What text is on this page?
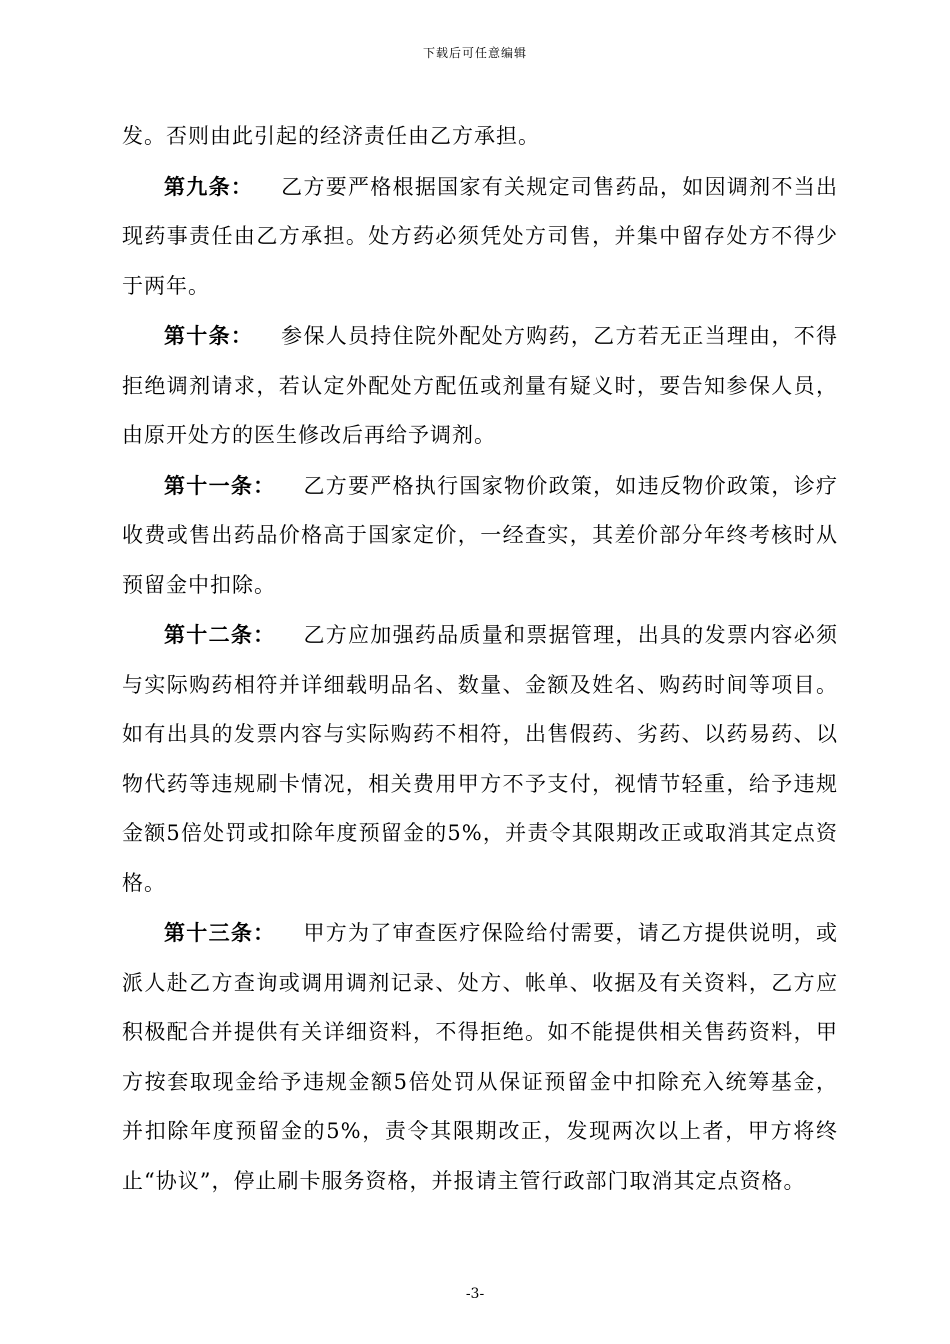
下载后可任意编辑

发。否则由此引起的经济责任由乙方承担。

第九条： 乙方要严格根据国家有关规定司售药品，如因调剂不当出现药事责任由乙方承担。处方药必须凭处方司售，并集中留存处方不得少于两年。

第十条： 参保人员持住院外配处方购药，乙方若无正当理由，不得拒绝调剂请求，若认定外配处方配伍或剂量有疑义时，要告知参保人员，由原开处方的医生修改后再给予调剂。

第十一条： 乙方要严格执行国家物价政策，如违反物价政策，诊疗收费或售出药品价格高于国家定价，一经查实，其差价部分年终考核时从预留金中扣除。

第十二条： 乙方应加强药品质量和票据管理，出具的发票内容必须与实际购药相符并详细载明品名、数量、金额及姓名、购药时间等项目。如有出具的发票内容与实际购药不相符，出售假药、劣药、以药易药、以物代药等违规刷卡情况，相关费用甲方不予支付，视情节轻重，给予违规金额5倍处罚或扣除年度预留金的5%，并责令其限期改正或取消其定点资格。

第十三条： 甲方为了审查医疗保险给付需要，请乙方提供说明，或派人赴乙方查询或调用调剂记录、处方、帐单、收据及有关资料，乙方应积极配合并提供有关详细资料，不得拒绝。如不能提供相关售药资料，甲方按套取现金给予违规金额5倍处罚从保证预留金中扣除充入统筹基金，并扣除年度预留金的5%，责令其限期改正，发现两次以上者，甲方将终止“协议”，停止刷卡服务资格，并报请主管行政部门取消其定点资格。

-3-
